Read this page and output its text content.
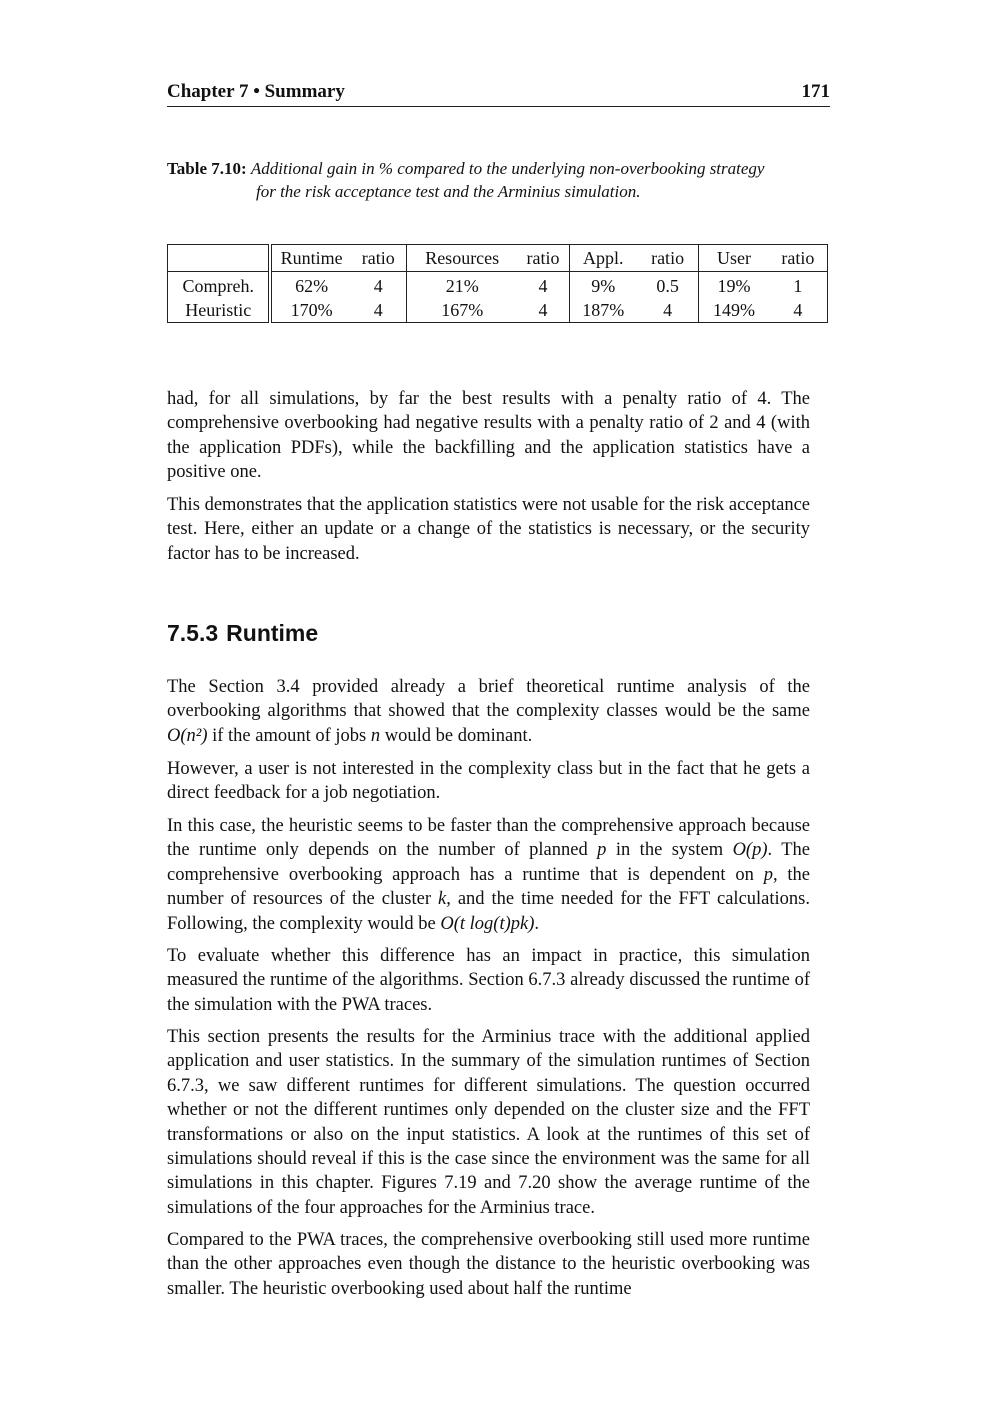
Chapter 7 • Summary	171
Table 7.10: Additional gain in % compared to the underlying non-overbooking strategy
for the risk acceptance test and the Arminius simulation.
	Runtime	ratio	Resources	ratio	Appl.	ratio	User	ratio
Compreh.	62%	4	21%	4	9%	0.5	19%	1
Heuristic	170%	4	167%	4	187%	4	149%	4
had, for all simulations, by far the best results with a penalty ratio of 4. The comprehensive overbooking had negative results with a penalty ratio of 2 and 4 (with the application PDFs), while the backfilling and the application statistics have a positive one.
This demonstrates that the application statistics were not usable for the risk acceptance test. Here, either an update or a change of the statistics is necessary, or the security factor has to be increased.
7.5.3 Runtime
The Section 3.4 provided already a brief theoretical runtime analysis of the overbooking algorithms that showed that the complexity classes would be the same O(n²) if the amount of jobs n would be dominant.
However, a user is not interested in the complexity class but in the fact that he gets a direct feedback for a job negotiation.
In this case, the heuristic seems to be faster than the comprehensive approach because the runtime only depends on the number of planned p in the system O(p). The comprehensive overbooking approach has a runtime that is dependent on p, the number of resources of the cluster k, and the time needed for the FFT calculations. Following, the complexity would be O(t log(t)pk).
To evaluate whether this difference has an impact in practice, this simulation measured the runtime of the algorithms. Section 6.7.3 already discussed the runtime of the simulation with the PWA traces.
This section presents the results for the Arminius trace with the additional applied application and user statistics. In the summary of the simulation runtimes of Section 6.7.3, we saw different runtimes for different simulations. The question occurred whether or not the different runtimes only depended on the cluster size and the FFT transformations or also on the input statistics. A look at the runtimes of this set of simulations should reveal if this is the case since the environment was the same for all simulations in this chapter. Figures 7.19 and 7.20 show the average runtime of the simulations of the four approaches for the Arminius trace.
Compared to the PWA traces, the comprehensive overbooking still used more runtime than the other approaches even though the distance to the heuristic overbooking was smaller. The heuristic overbooking used about half the runtime
